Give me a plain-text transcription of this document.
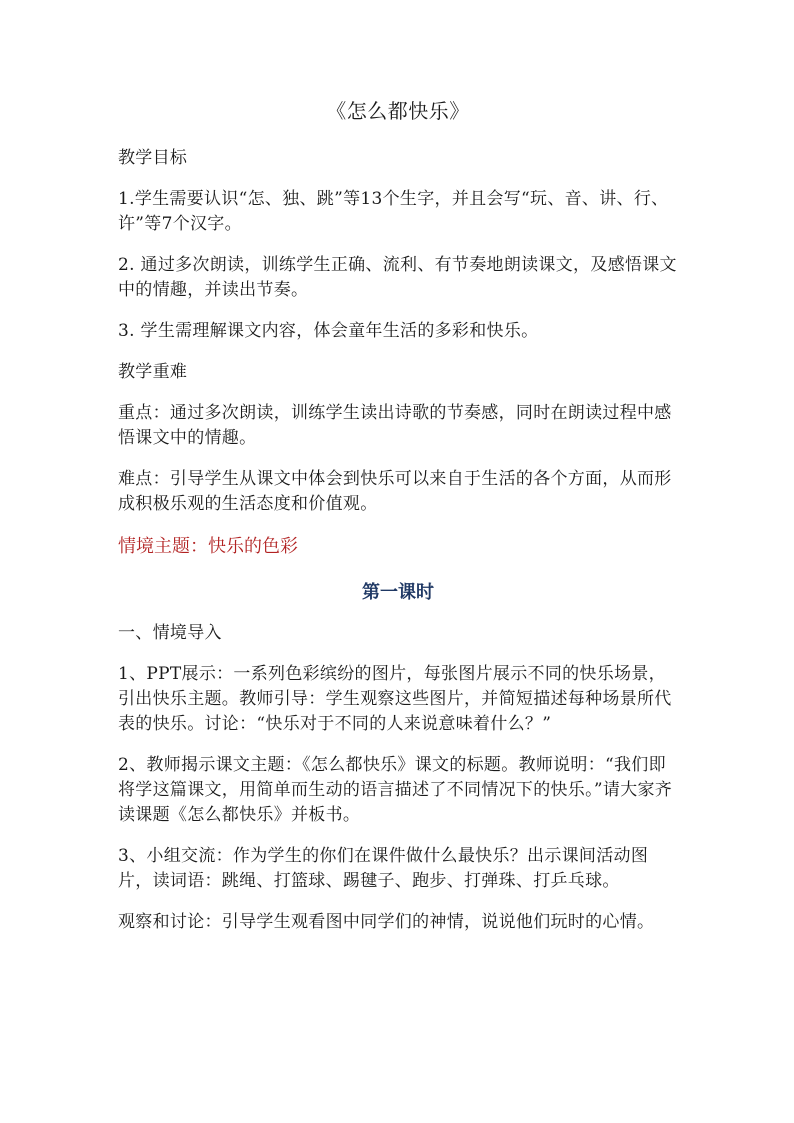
《怎么都快乐》

教学目标

1.学生需要认识“怎、独、跳”等13个生字，并且会写“玩、音、讲、行、许”等7个汉字。

2. 通过多次朗读，训练学生正确、流利、有节奏地朗读课文，及感悟课文中的情趣，并读出节奏。

3. 学生需理解课文内容，体会童年生活的多彩和快乐。

教学重难

重点：通过多次朗读，训练学生读出诗歌的节奏感，同时在朗读过程中感悟课文中的情趣。

难点：引导学生从课文中体会到快乐可以来自于生活的各个方面，从而形成积极乐观的生活态度和价值观。

情境主题：快乐的色彩

第一课时

一、情境导入

1、PPT展示：一系列色彩缤纷的图片，每张图片展示不同的快乐场景，引出快乐主题。教师引导：学生观察这些图片，并简短描述每种场景所代表的快乐。讨论：“快乐对于不同的人来说意味着什么？”

2、教师揭示课文主题：《怎么都快乐》课文的标题。教师说明：“我们即将学这篇课文，用简单而生动的语言描述了不同情况下的快乐。”请大家齐读课题《怎么都快乐》并板书。

3、小组交流：作为学生的你们在课件做什么最快乐？出示课间活动图片，读词语：跳绳、打篮球、踢毽子、跑步、打弹珠、打乒乓球。

观察和讨论：引导学生观看图中同学们的神情，说说他们玩时的心情。
